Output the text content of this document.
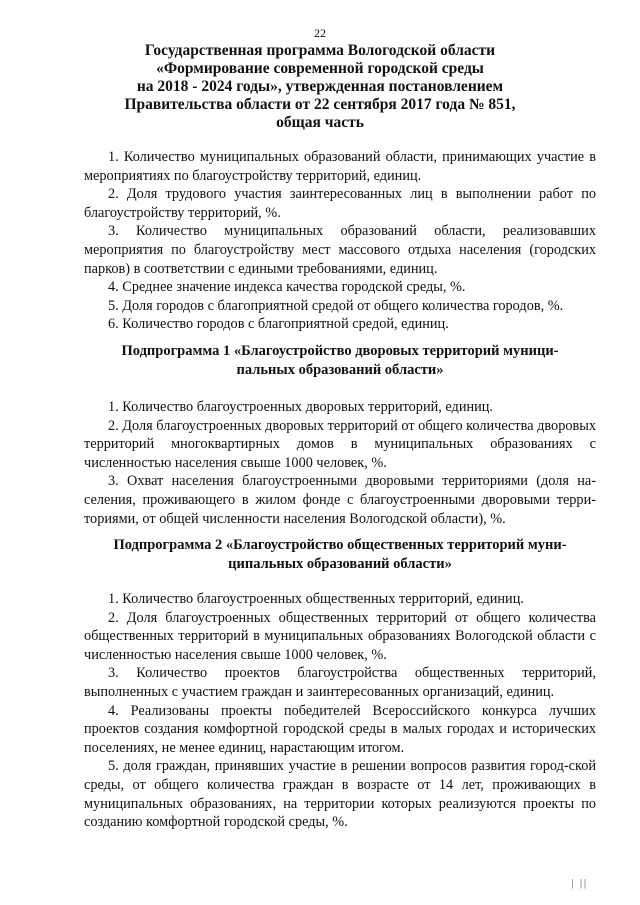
22
Государственная программа Вологодской области
«Формирование современной городской среды
на 2018 - 2024 годы», утвержденная постановлением
Правительства области от 22 сентября 2017 года № 851,
общая часть

1. Количество муниципальных образований области, принимающих участие в мероприятиях по благоустройству территорий, единиц.

2. Доля трудового участия заинтересованных лиц в выполнении работ по благоустройству территорий, %.

3. Количество муниципальных образований области, реализовавших мероприятия по благоустройству мест массового отдыха населения (городских парков) в соответствии с едиными требованиями, единиц.

4. Среднее значение индекса качества городской среды, %.

5. Доля городов с благоприятной средой от общего количества городов, %.

6. Количество городов с благоприятной средой, единиц.

Подпрограмма 1 «Благоустройство дворовых территорий муници-
пальных образований области»

1. Количество благоустроенных дворовых территорий, единиц.

2. Доля благоустроенных дворовых территорий от общего количества дворовых территорий многоквартирных домов в муниципальных образованиях с численностью населения свыше 1000 человек, %.

3. Охват населения благоустроенными дворовыми территориями (доля на-селения, проживающего в жилом фонде с благоустроенными дворовыми терри-ториями, от общей численности населения Вологодской области), %.

Подпрограмма 2 «Благоустройство общественных территорий муни-
ципальных образований области»

1. Количество благоустроенных общественных территорий, единиц.

2. Доля благоустроенных общественных территорий от общего количества общественных территорий в муниципальных образованиях Вологодской области с численностью населения свыше 1000 человек, %.

3. Количество проектов благоустройства общественных территорий, выполненных с участием граждан и заинтересованных организаций, единиц.

4. Реализованы проекты победителей Всероссийского конкурса лучших проектов создания комфортной городской среды в малых городах и исторических поселениях, не менее единиц, нарастающим итогом.

5. доля граждан, принявших участие в решении вопросов развития город-ской среды, от общего количества граждан в возрасте от 14 лет, проживающих в муниципальных образованиях, на территории которых реализуются проекты по созданию комфортной городской среды, %.

| ||
